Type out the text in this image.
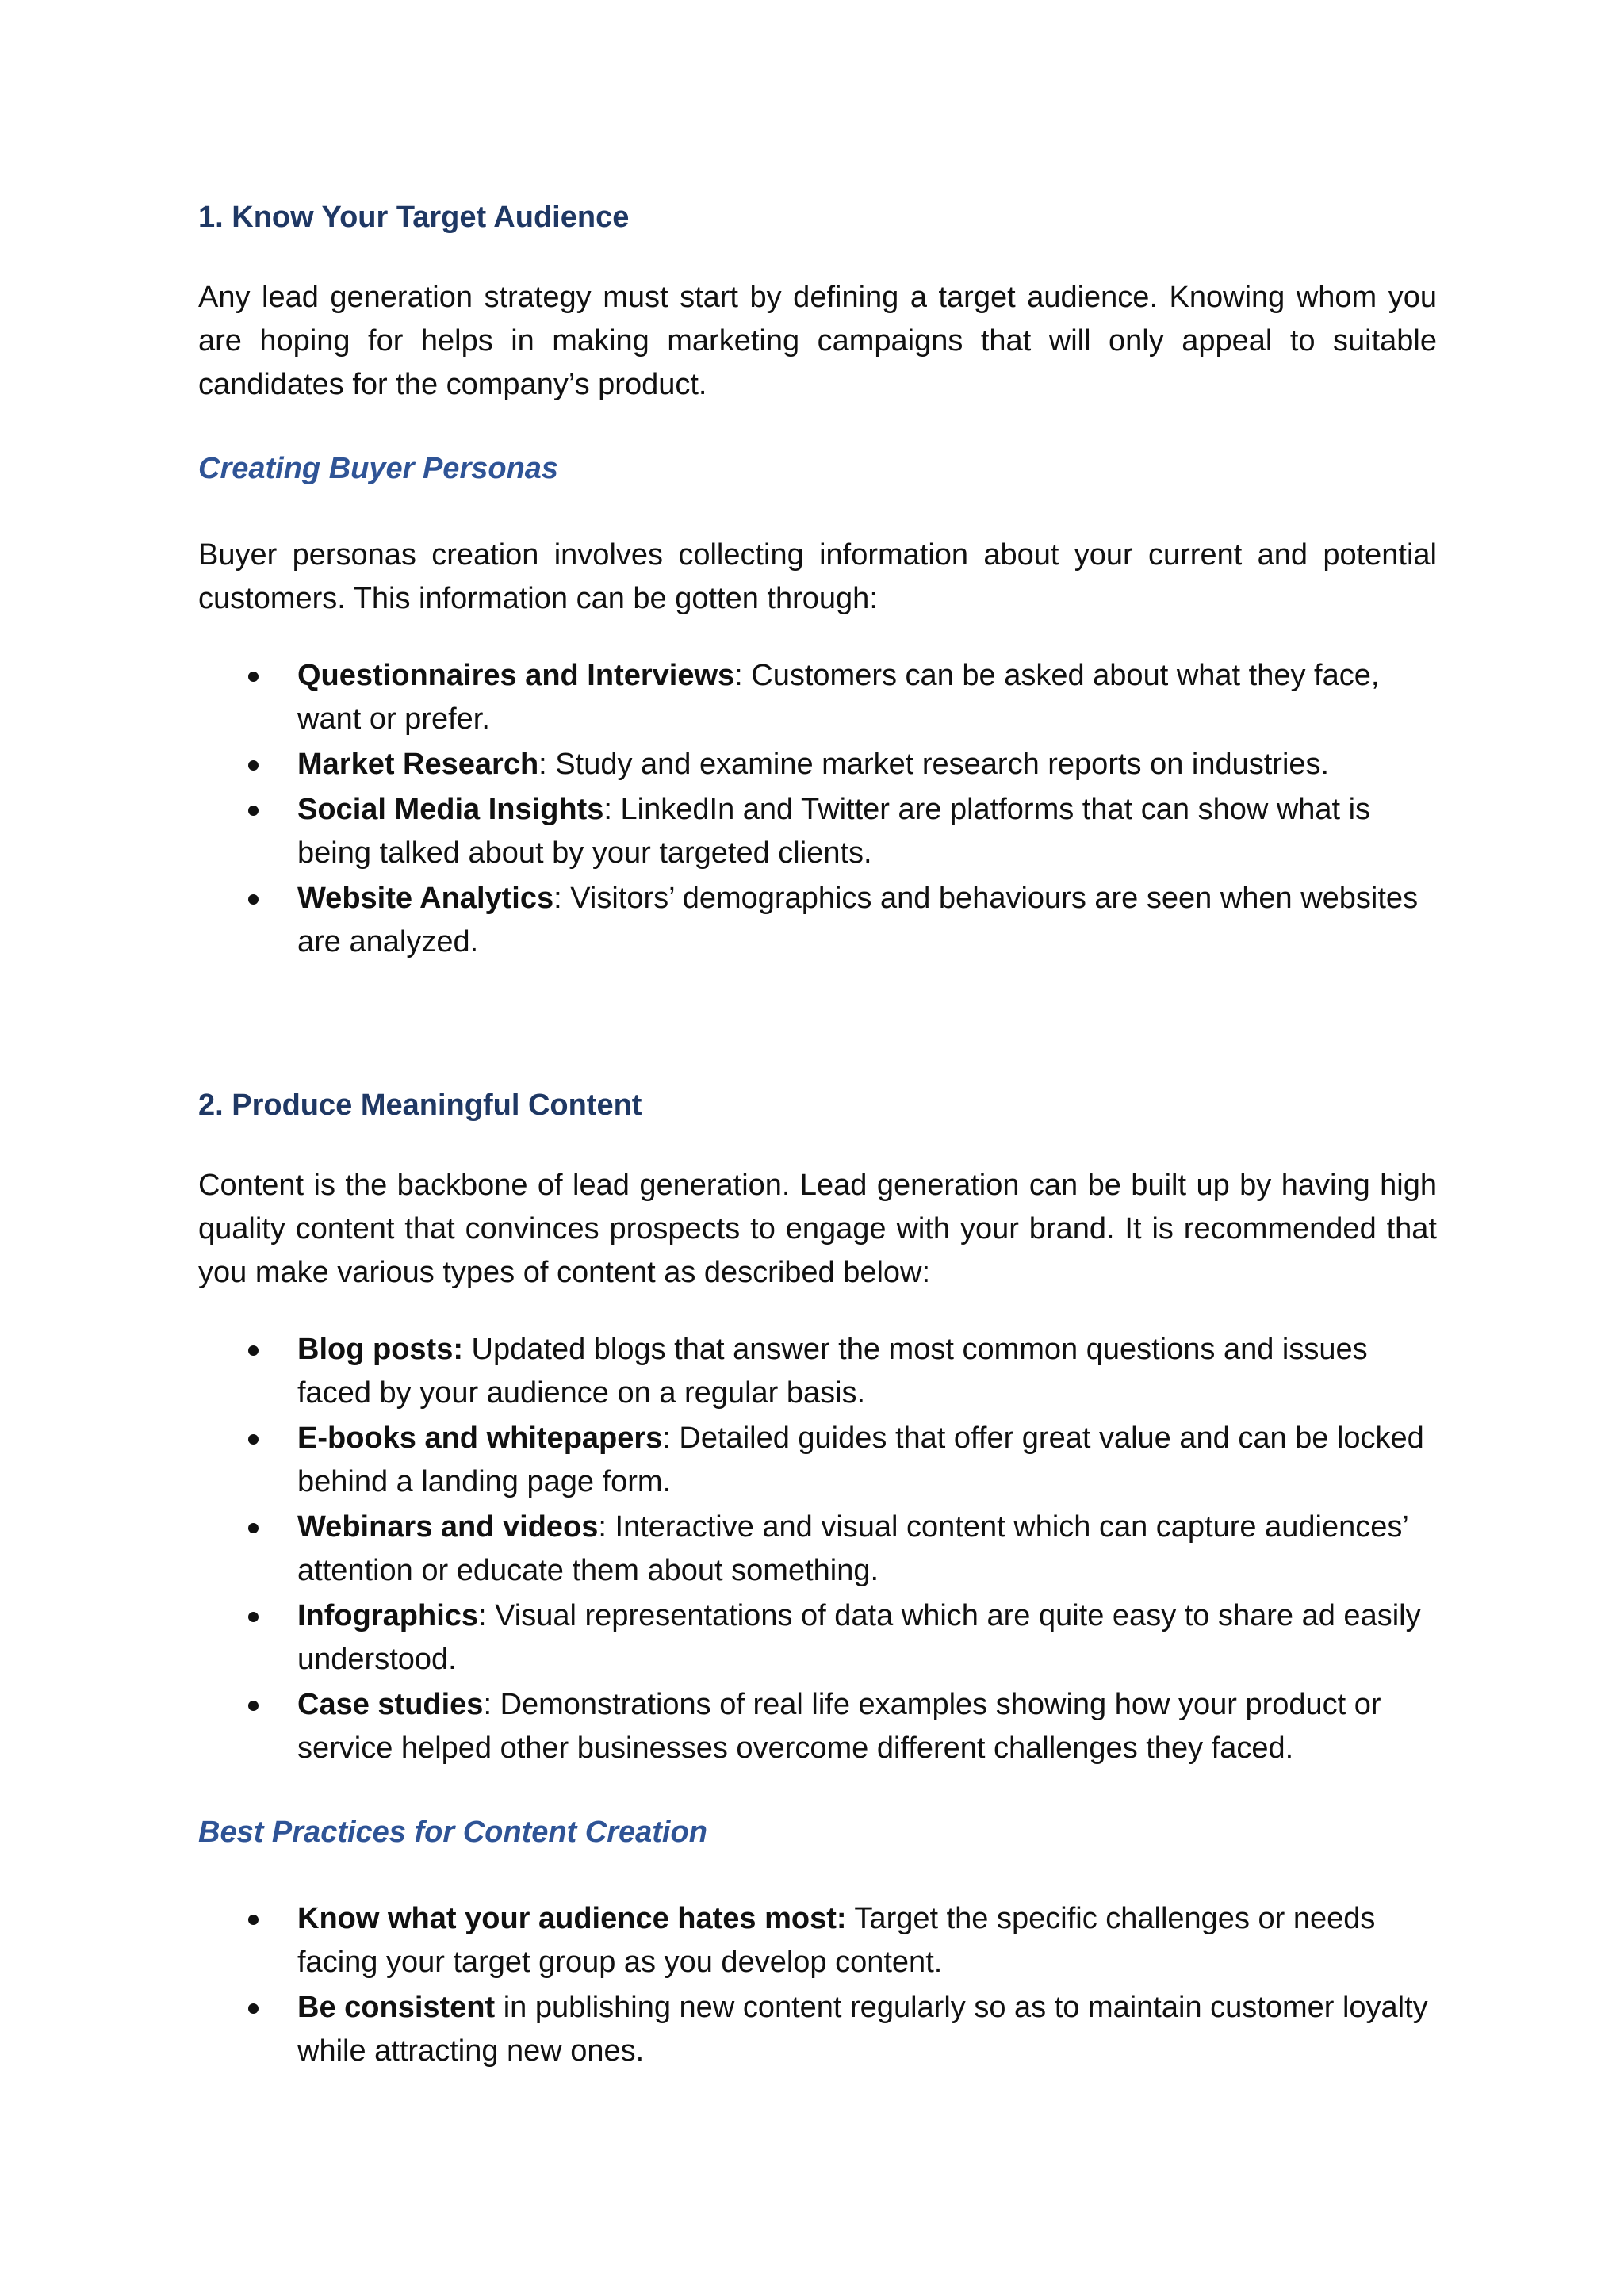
1. Know Your Target Audience

Any lead generation strategy must start by defining a target audience. Knowing whom you are hoping for helps in making marketing campaigns that will only appeal to suitable candidates for the company’s product.

Creating Buyer Personas

Buyer personas creation involves collecting information about your current and potential customers. This information can be gotten through:

Questionnaires and Interviews: Customers can be asked about what they face, want or prefer.
Market Research: Study and examine market research reports on industries.
Social Media Insights: LinkedIn and Twitter are platforms that can show what is being talked about by your targeted clients.
Website Analytics: Visitors’ demographics and behaviours are seen when websites are analyzed.
2. Produce Meaningful Content

Content is the backbone of lead generation. Lead generation can be built up by having high quality content that convinces prospects to engage with your brand. It is recommended that you make various types of content as described below:

Blog posts: Updated blogs that answer the most common questions and issues faced by your audience on a regular basis.
E-books and whitepapers: Detailed guides that offer great value and can be locked behind a landing page form.
Webinars and videos: Interactive and visual content which can capture audiences’ attention or educate them about something.
Infographics: Visual representations of data which are quite easy to share ad easily understood.
Case studies: Demonstrations of real life examples showing how your product or service helped other businesses overcome different challenges they faced.
Best Practices for Content Creation
Know what your audience hates most: Target the specific challenges or needs facing your target group as you develop content.
Be consistent in publishing new content regularly so as to maintain customer loyalty while attracting new ones.
